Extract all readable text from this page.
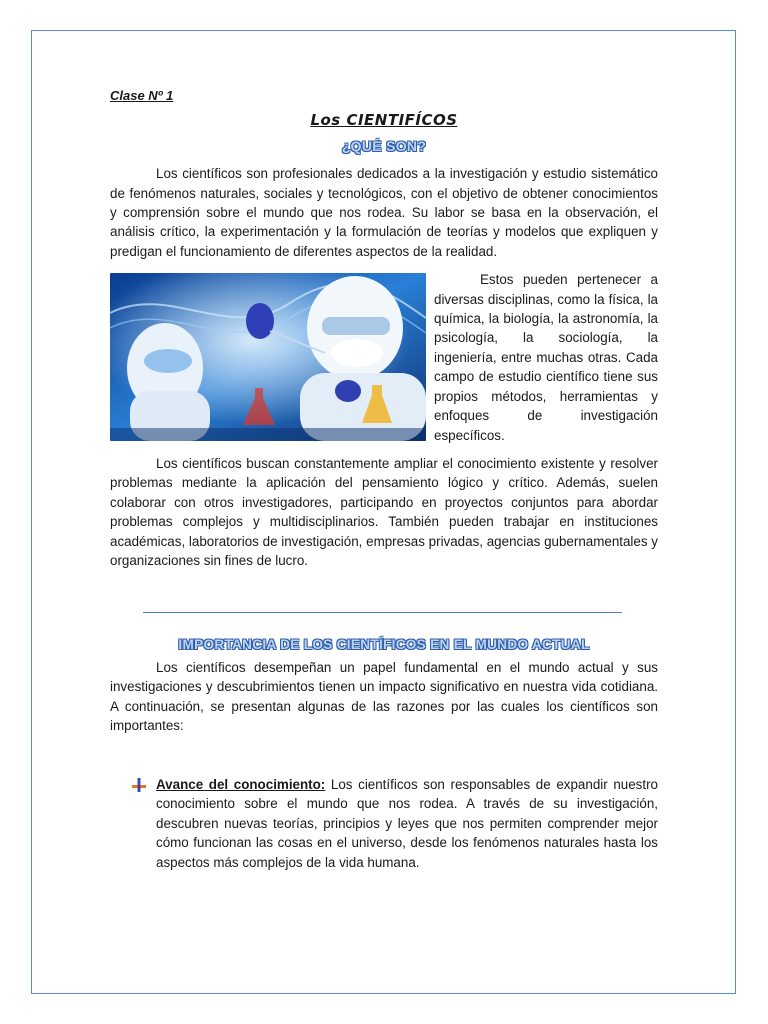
Clase Nº 1

Los CIENTIFÍCOS
¿QUÉ SON?

Los científicos son profesionales dedicados a la investigación y estudio sistemático de fenómenos naturales, sociales y tecnológicos, con el objetivo de obtener conocimientos y comprensión sobre el mundo que nos rodea. Su labor se basa en la observación, el análisis crítico, la experimentación y la formulación de teorías y modelos que expliquen y predigan el funcionamiento de diferentes aspectos de la realidad.

Estos pueden pertenecer a diversas disciplinas, como la física, la química, la biología, la astronomía, la psicología, la sociología, la ingeniería, entre muchas otras. Cada campo de estudio científico tiene sus propios métodos, herramientas y enfoques de investigación específicos.

Los científicos buscan constantemente ampliar el conocimiento existente y resolver problemas mediante la aplicación del pensamiento lógico y crítico. Además, suelen colaborar con otros investigadores, participando en proyectos conjuntos para abordar problemas complejos y multidisciplinarios. También pueden trabajar en instituciones académicas, laboratorios de investigación, empresas privadas, agencias gubernamentales y organizaciones sin fines de lucro.

IMPORTANCIA DE LOS CIENTÍFICOS EN EL MUNDO ACTUAL

Los científicos desempeñan un papel fundamental en el mundo actual y sus investigaciones y descubrimientos tienen un impacto significativo en nuestra vida cotidiana. A continuación, se presentan algunas de las razones por las cuales los científicos son importantes:

Avance del conocimiento: Los científicos son responsables de expandir nuestro conocimiento sobre el mundo que nos rodea. A través de su investigación, descubren nuevas teorías, principios y leyes que nos permiten comprender mejor cómo funcionan las cosas en el universo, desde los fenómenos naturales hasta los aspectos más complejos de la vida humana.
